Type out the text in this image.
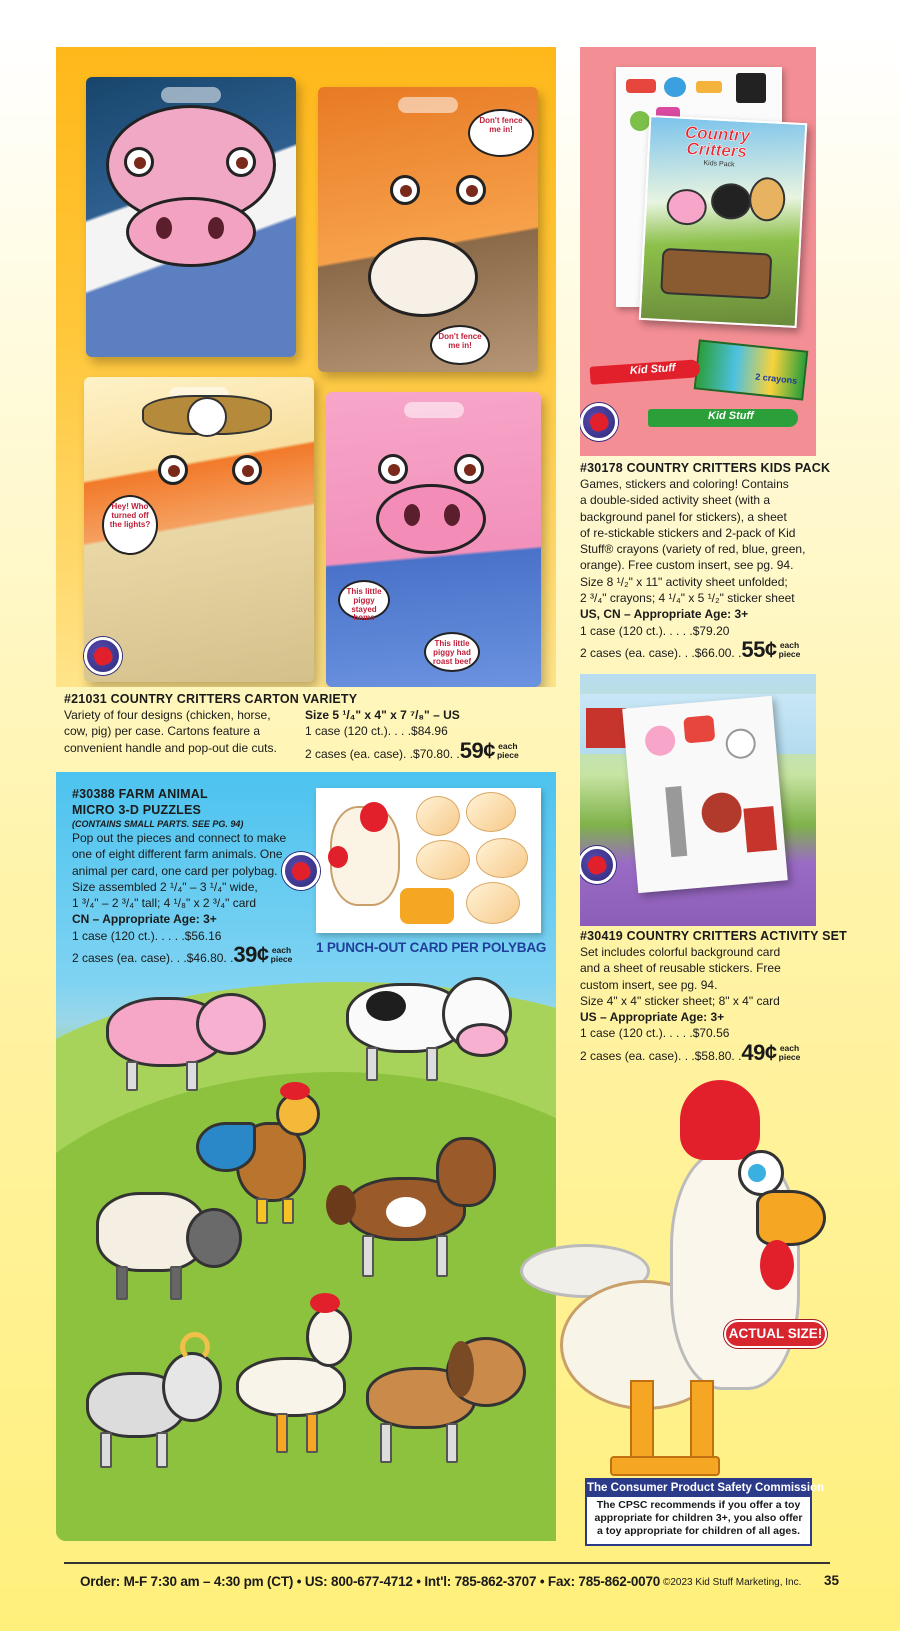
Don't fence me in!
Don't fence me in!
Hey! Who turned off the lights?
This little piggy stayed home
This little piggy had roast beef
#21031 COUNTRY CRITTERS CARTON VARIETY
Variety of four designs (chicken, horse,
cow, pig) per case. Cartons feature a
convenient handle and pop-out die cuts.
Size 5 ¹/₄" x 4" x 7 ⁷/₈" – US
1 case (120 ct.). . . .$84.96
2 cases (ea. case). .$70.80. .59¢ each
piece
Country Critters
Kids Pack
2 crayons
Kid Stuff
Kid Stuff
#30178 COUNTRY CRITTERS KIDS PACK
Games, stickers and coloring! Contains
a double-sided activity sheet (with a
background panel for stickers), a sheet
of re-stickable stickers and 2-pack of Kid
Stuff® crayons (variety of red, blue, green,
orange). Free custom insert, see pg. 94.
Size 8 ¹/₂" x 11" activity sheet unfolded;
2 ³/₄" crayons; 4 ¹/₄" x 5 ¹/₂" sticker sheet
US, CN – Appropriate Age: 3+
1 case (120 ct.). . . . .$79.20
2 cases (ea. case). . .$66.00. .55¢ each
piece
#30419 COUNTRY CRITTERS ACTIVITY SET
Set includes colorful background card
and a sheet of reusable stickers. Free
custom insert, see pg. 94.
Size 4" x 4" sticker sheet; 8" x 4" card
US – Appropriate Age: 3+
1 case (120 ct.). . . . .$70.56
2 cases (ea. case). . .$58.80. .49¢ each
piece
#30388 FARM ANIMAL
MICRO 3-D PUZZLES
(CONTAINS SMALL PARTS. SEE PG. 94)
Pop out the pieces and connect to make
one of eight different farm animals. One
animal per card, one card per polybag.
Size assembled 2 ¹/₄" – 3 ¹/₄" wide,
1 ³/₄" – 2 ³/₄" tall; 4 ¹/₈" x 2 ³/₄" card
CN – Appropriate Age: 3+
1 case (120 ct.). . . . .$56.16
2 cases (ea. case). . .$46.80. .39¢ each
piece
1 PUNCH-OUT CARD PER POLYBAG
ACTUAL SIZE!
The Consumer Product Safety Commission
The CPSC recommends if you offer a toy appropriate for children 3+, you also offer a toy appropriate for children of all ages.
Order: M-F 7:30 am – 4:30 pm (CT) • US: 800-677-4712 • Int'l: 785-862-3707 • Fax: 785-862-0070 ©2023 Kid Stuff Marketing, Inc. 35
